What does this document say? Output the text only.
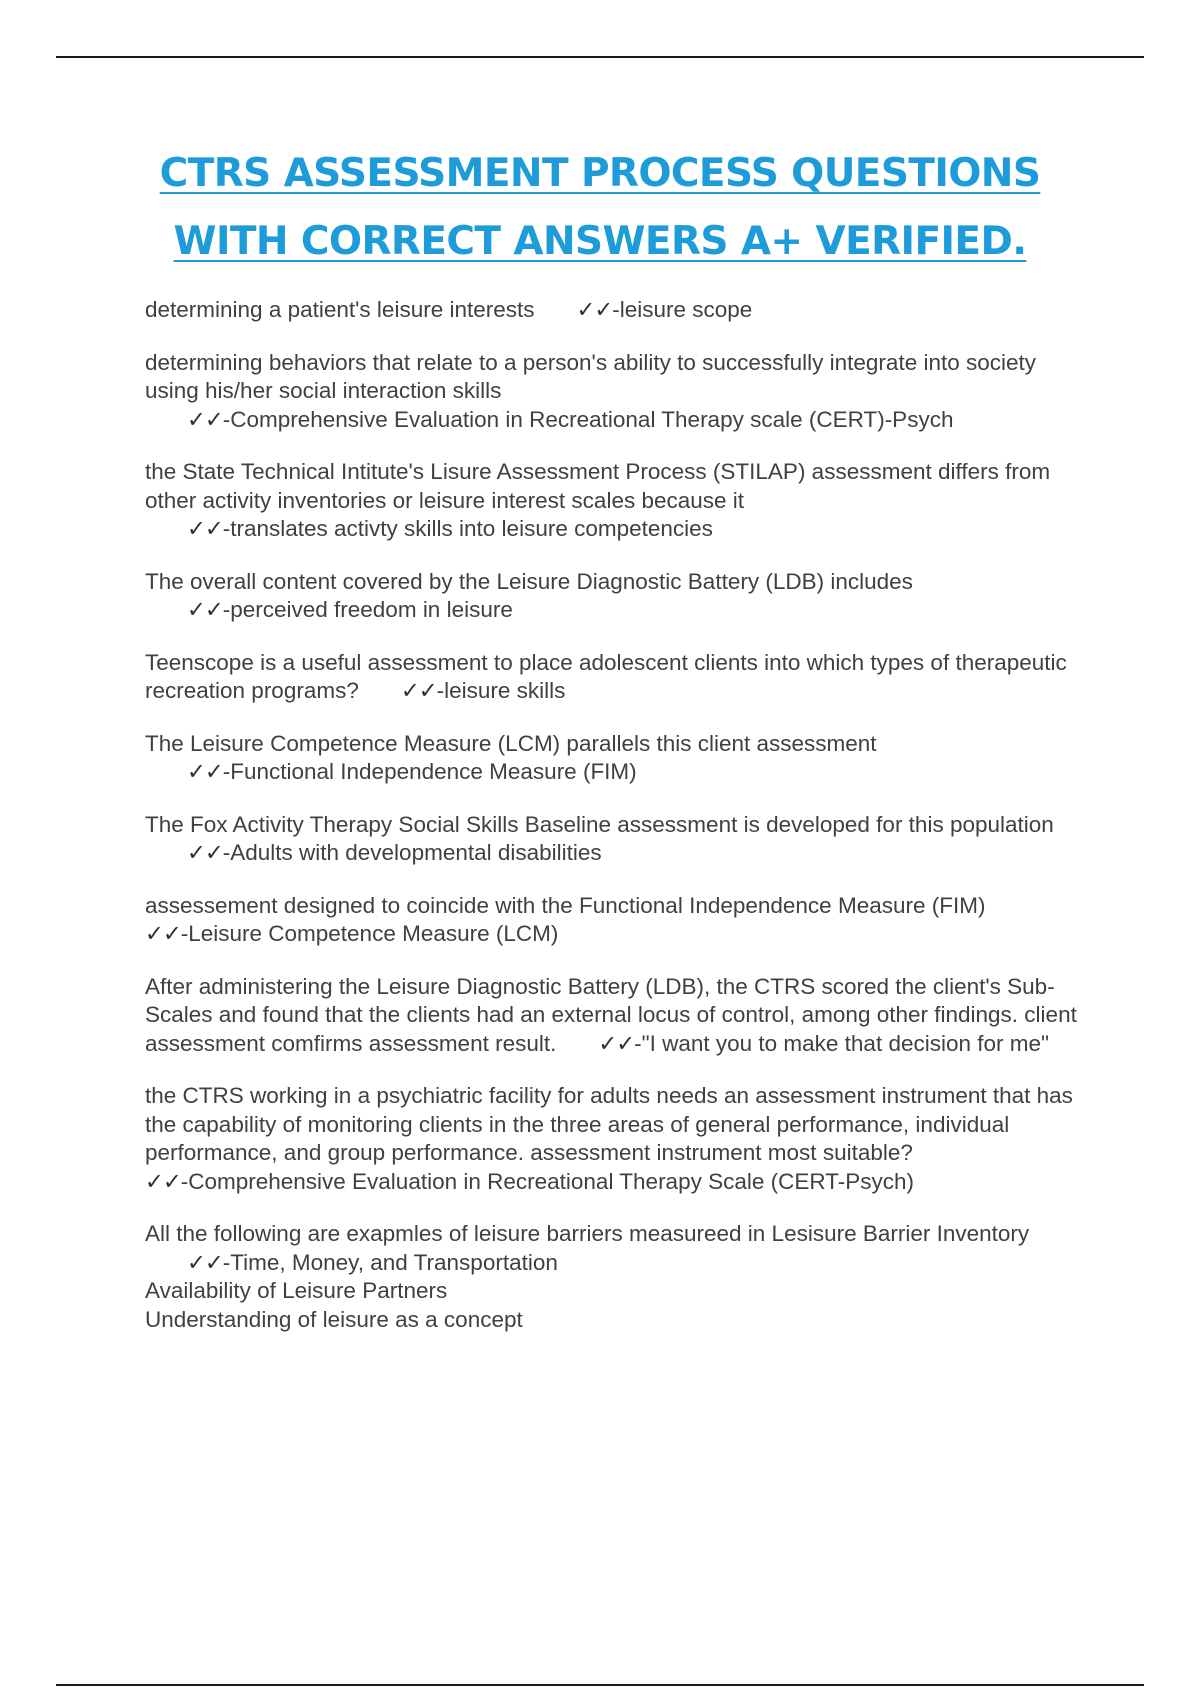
CTRS ASSESSMENT PROCESS QUESTIONS
WITH CORRECT ANSWERS A+ VERIFIED.

determining a patient's leisure interests ✓✓-leisure scope

determining behaviors that relate to a person's ability to successfully integrate into society using his/her social interaction skills✓✓-Comprehensive Evaluation in Recreational Therapy scale (CERT)-Psych

the State Technical Intitute's Lisure Assessment Process (STILAP) assessment differs from other activity inventories or leisure interest scales because it✓✓-translates activty skills into leisure competencies

The overall content covered by the Leisure Diagnostic Battery (LDB) includes✓✓-perceived freedom in leisure

Teenscope is a useful assessment to place adolescent clients into which types of therapeutic recreation programs? ✓✓-leisure skills

The Leisure Competence Measure (LCM) parallels this client assessment✓✓-Functional Independence Measure (FIM)

The Fox Activity Therapy Social Skills Baseline assessment is developed for this population✓✓-Adults with developmental disabilities

assessement designed to coincide with the Functional Independence Measure (FIM)
✓✓-Leisure Competence Measure (LCM)

After administering the Leisure Diagnostic Battery (LDB), the CTRS scored the client's Sub-Scales and found that the clients had an external locus of control, among other findings. client assessment comfirms assessment result. ✓✓-"I want you to make that decision for me"

the CTRS working in a psychiatric facility for adults needs an assessment instrument that has the capability of monitoring clients in the three areas of general performance, individual performance, and group performance. assessment instrument most suitable?
✓✓-Comprehensive Evaluation in Recreational Therapy Scale (CERT-Psych)

All the following are exapmles of leisure barriers measureed in Lesisure Barrier Inventory✓✓-Time, Money, and Transportation
Availability of Leisure Partners
Understanding of leisure as a concept
